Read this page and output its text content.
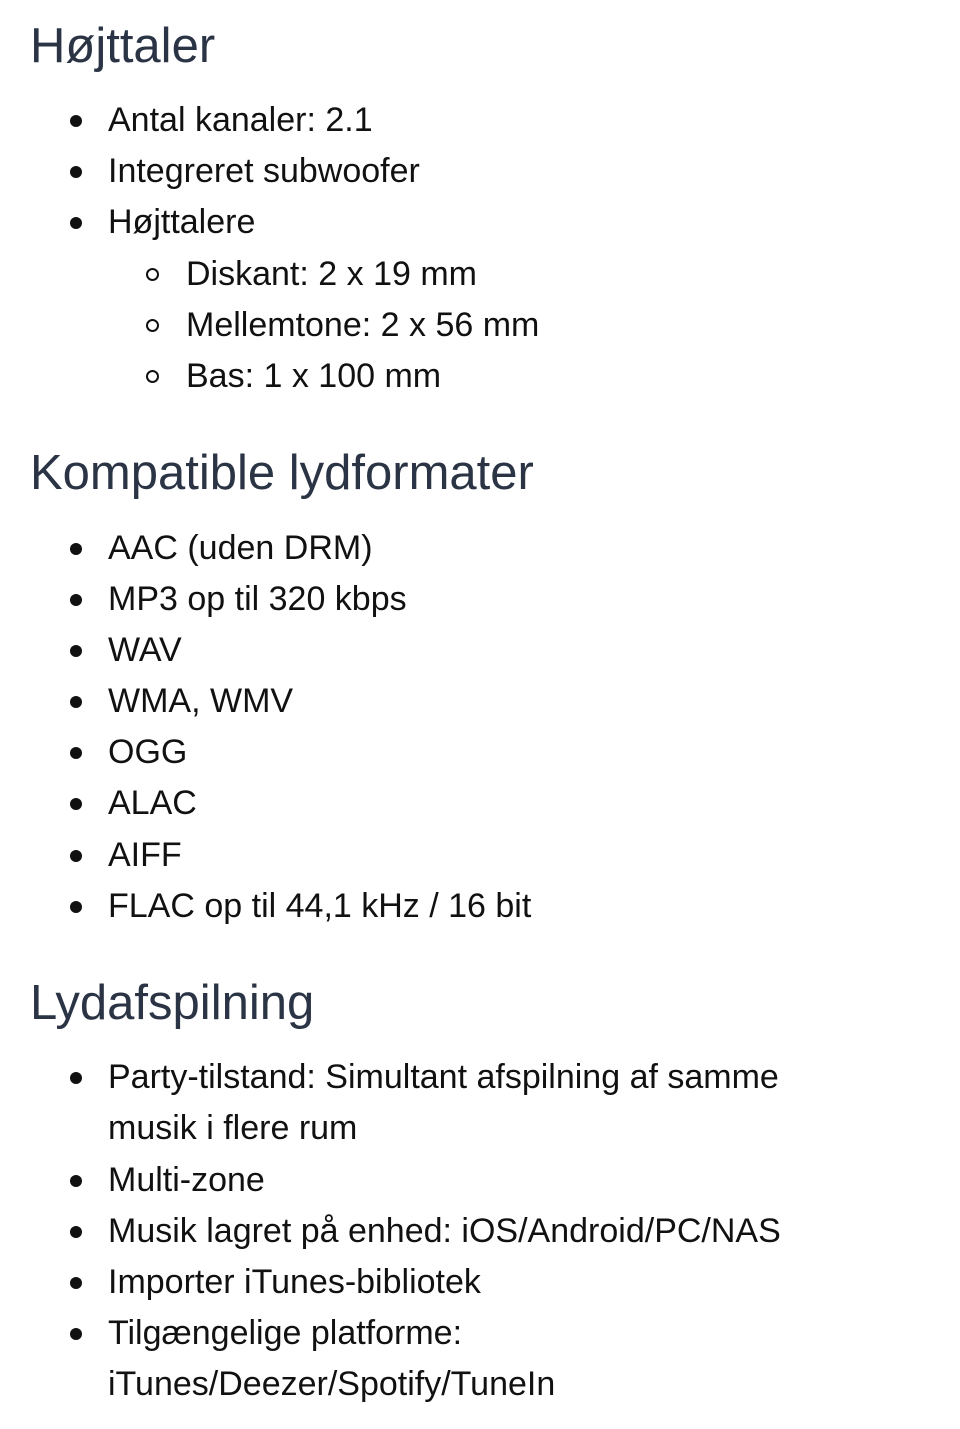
Højttaler
Antal kanaler: 2.1
Integreret subwoofer
Højttalere
Diskant: 2 x 19 mm
Mellemtone: 2 x 56 mm
Bas: 1 x 100 mm
Kompatible lydformater
AAC (uden DRM)
MP3 op til 320 kbps
WAV
WMA, WMV
OGG
ALAC
AIFF
FLAC op til 44,1 kHz / 16 bit
Lydafspilning
Party-tilstand: Simultant afspilning af samme
musik i flere rum
Multi-zone
Musik lagret på enhed: iOS/Android/PC/NAS
Importer iTunes-bibliotek
Tilgængelige platforme:
iTunes/Deezer/Spotify/TuneIn
